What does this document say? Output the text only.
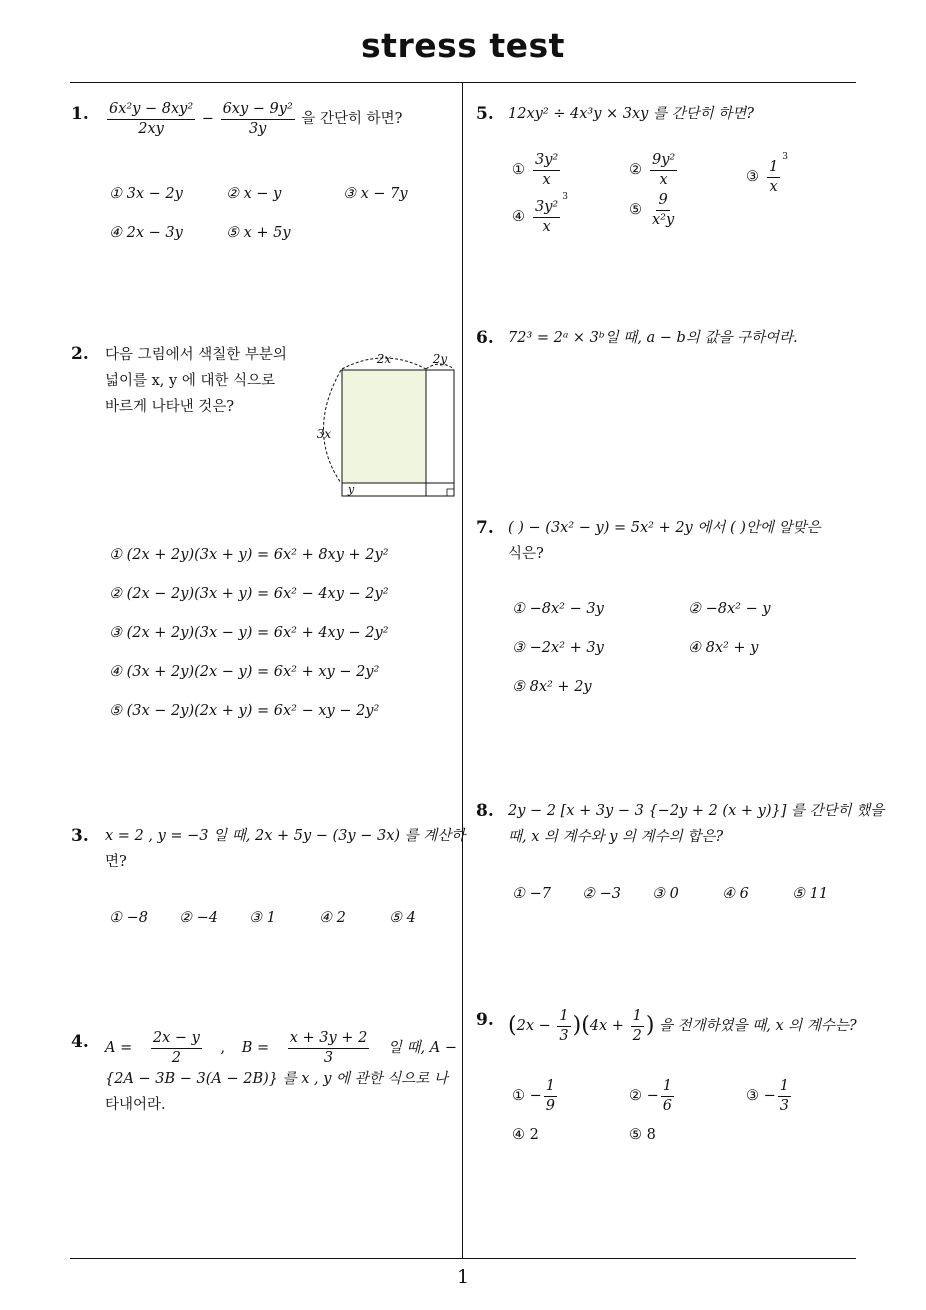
stress test
1
1. $\frac{\text{6x²y − 8xy²}}{2xy} - \frac{\text{6xy − 9y²}}{3y}$ 을 간단히 하면?
① 3x − 2y	② x − y	③ x − 7y
④ 2x − 3y	⑤ x + 5y
2. 다음 그림에서 색칠한 부분의
넓이를 x, y 에 대한 식으로
바르게 나타낸 것은?
2x	2y
3x
y
① (2x + 2y)(3x + y) = 6x² + 8xy + 2y²
② (2x − 2y)(3x + y) = 6x² − 4xy − 2y²
③ (2x + 2y)(3x − y) = 6x² + 4xy − 2y²
④ (3x + 2y)(2x − y) = 6x² + xy − 2y²
⑤ (3x − 2y)(2x + y) = 6x² − xy − 2y²
3. x = 2 , y = −3 일 때, 2x + 5y − (3y − 3x) 를 계산하
면?
① −8 ② −4 ③ 1	④ 2	⑤ 4
4. $A = \frac{2x - y}{2}$ , $B = \frac{x + 3y + 2}{3}$ 일 때, A −
{2A − 3B − 3(A − 2B)} 를 x , y 에 관한 식으로 나
타내어라.
5. 12xy² ÷ 4x³y × 3xy 를 간단히 하면?
① $\frac{\text{3y²}}{x}$	② $\frac{\text{9y²}}{x}$	③ $\frac{1}{x}$
$^3$
④ $\frac{\text{3y²}}{x}$
$^3$
⑤ $\frac{9}{\text{x²y}}$
6. 72³ = 2ᵃ × 3ᵇ일 때, a − b의 값을 구하여라.
7. ( ) − (3x² − y) = 5x² + 2y 에서 ( )안에 알맞은
식은?
① −8x² − 3y	② −8x² − y
③ −2x² + 3y	④ 8x² + y
⑤ 8x² + 2y
8. 2y − 2 [x + 3y − 3 {−2y + 2 (x + y)}] 를 간단히 했을
때, x 의 계수와 y 의 계수의 합은?
① −7 ② −3 ③ 0	④ 6	⑤ 11
9. $(2x - \frac{1}{3} )(4x + \frac{1}{2}$ ) 을 전개하였을 때, x 의 계수는?
① − $\frac{1}{9}$	② − $\frac{1}{6}$	③ − $\frac{1}{3}$
④ 2	⑤ 8
